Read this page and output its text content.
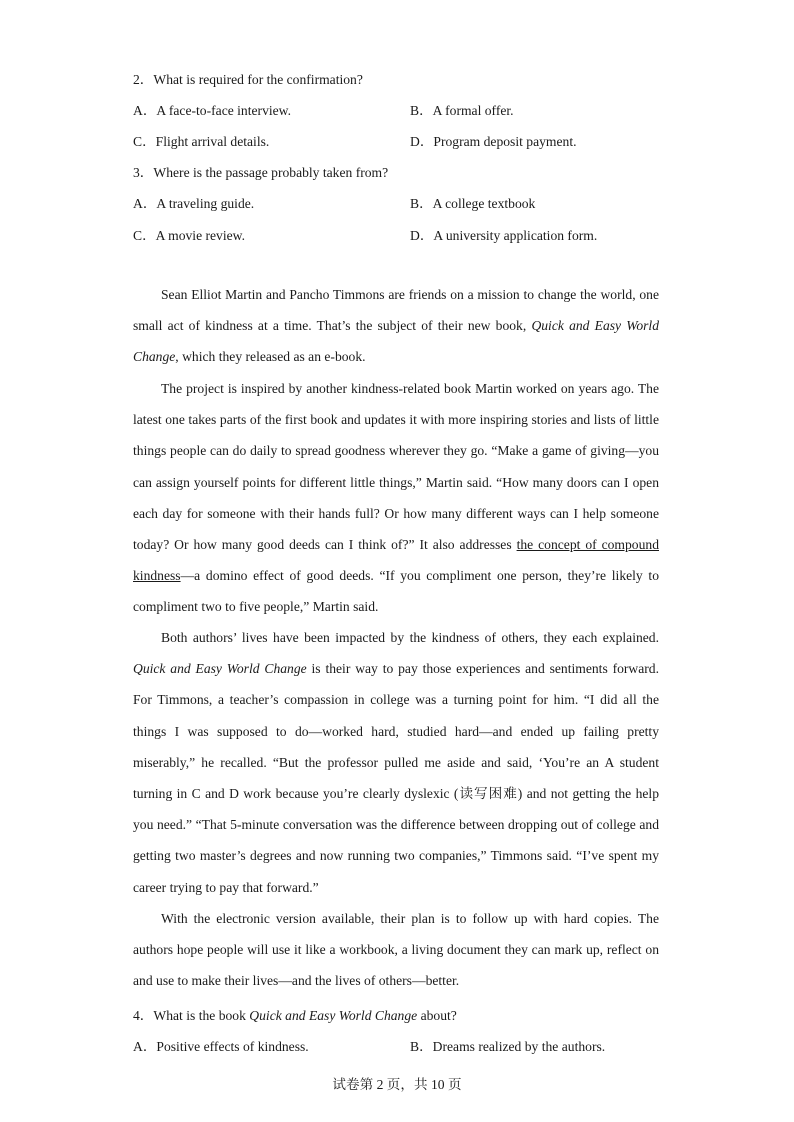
2．What is required for the confirmation?
A．A face-to-face interview.	B．A formal offer.
C．Flight arrival details.	D．Program deposit payment.
3．Where is the passage probably taken from?
A．A traveling guide.	B．A college textbook
C．A movie review.	D．A university application form.

Sean Elliot Martin and Pancho Timmons are friends on a mission to change the world, one small act of kindness at a time. That’s the subject of their new book, Quick and Easy World Change, which they released as an e-book.

The project is inspired by another kindness-related book Martin worked on years ago. The latest one takes parts of the first book and updates it with more inspiring stories and lists of little things people can do daily to spread goodness wherever they go. “Make a game of giving—you can assign yourself points for different little things,” Martin said. “How many doors can I open each day for someone with their hands full? Or how many different ways can I help someone today? Or how many good deeds can I think of?” It also addresses the concept of compound kindness—a domino effect of good deeds. “If you compliment one person, they’re likely to compliment two to five people,” Martin said.

Both authors’ lives have been impacted by the kindness of others, they each explained. Quick and Easy World Change is their way to pay those experiences and sentiments forward. For Timmons, a teacher’s compassion in college was a turning point for him. “I did all the things I was supposed to do—worked hard, studied hard—and ended up failing pretty miserably,” he recalled. “But the professor pulled me aside and said, ‘You’re an A student turning in C and D work because you’re clearly dyslexic (读写困难) and not getting the help you need.” “That 5-minute conversation was the difference between dropping out of college and getting two master’s degrees and now running two companies,” Timmons said. “I’ve spent my career trying to pay that forward.”

With the electronic version available, their plan is to follow up with hard copies. The authors hope people will use it like a workbook, a living document they can mark up, reflect on and use to make their lives—and the lives of others—better.

4．What is the book Quick and Easy World Change about?
A．Positive effects of kindness.	B．Dreams realized by the authors.
试卷第 2 页，共 10 页
